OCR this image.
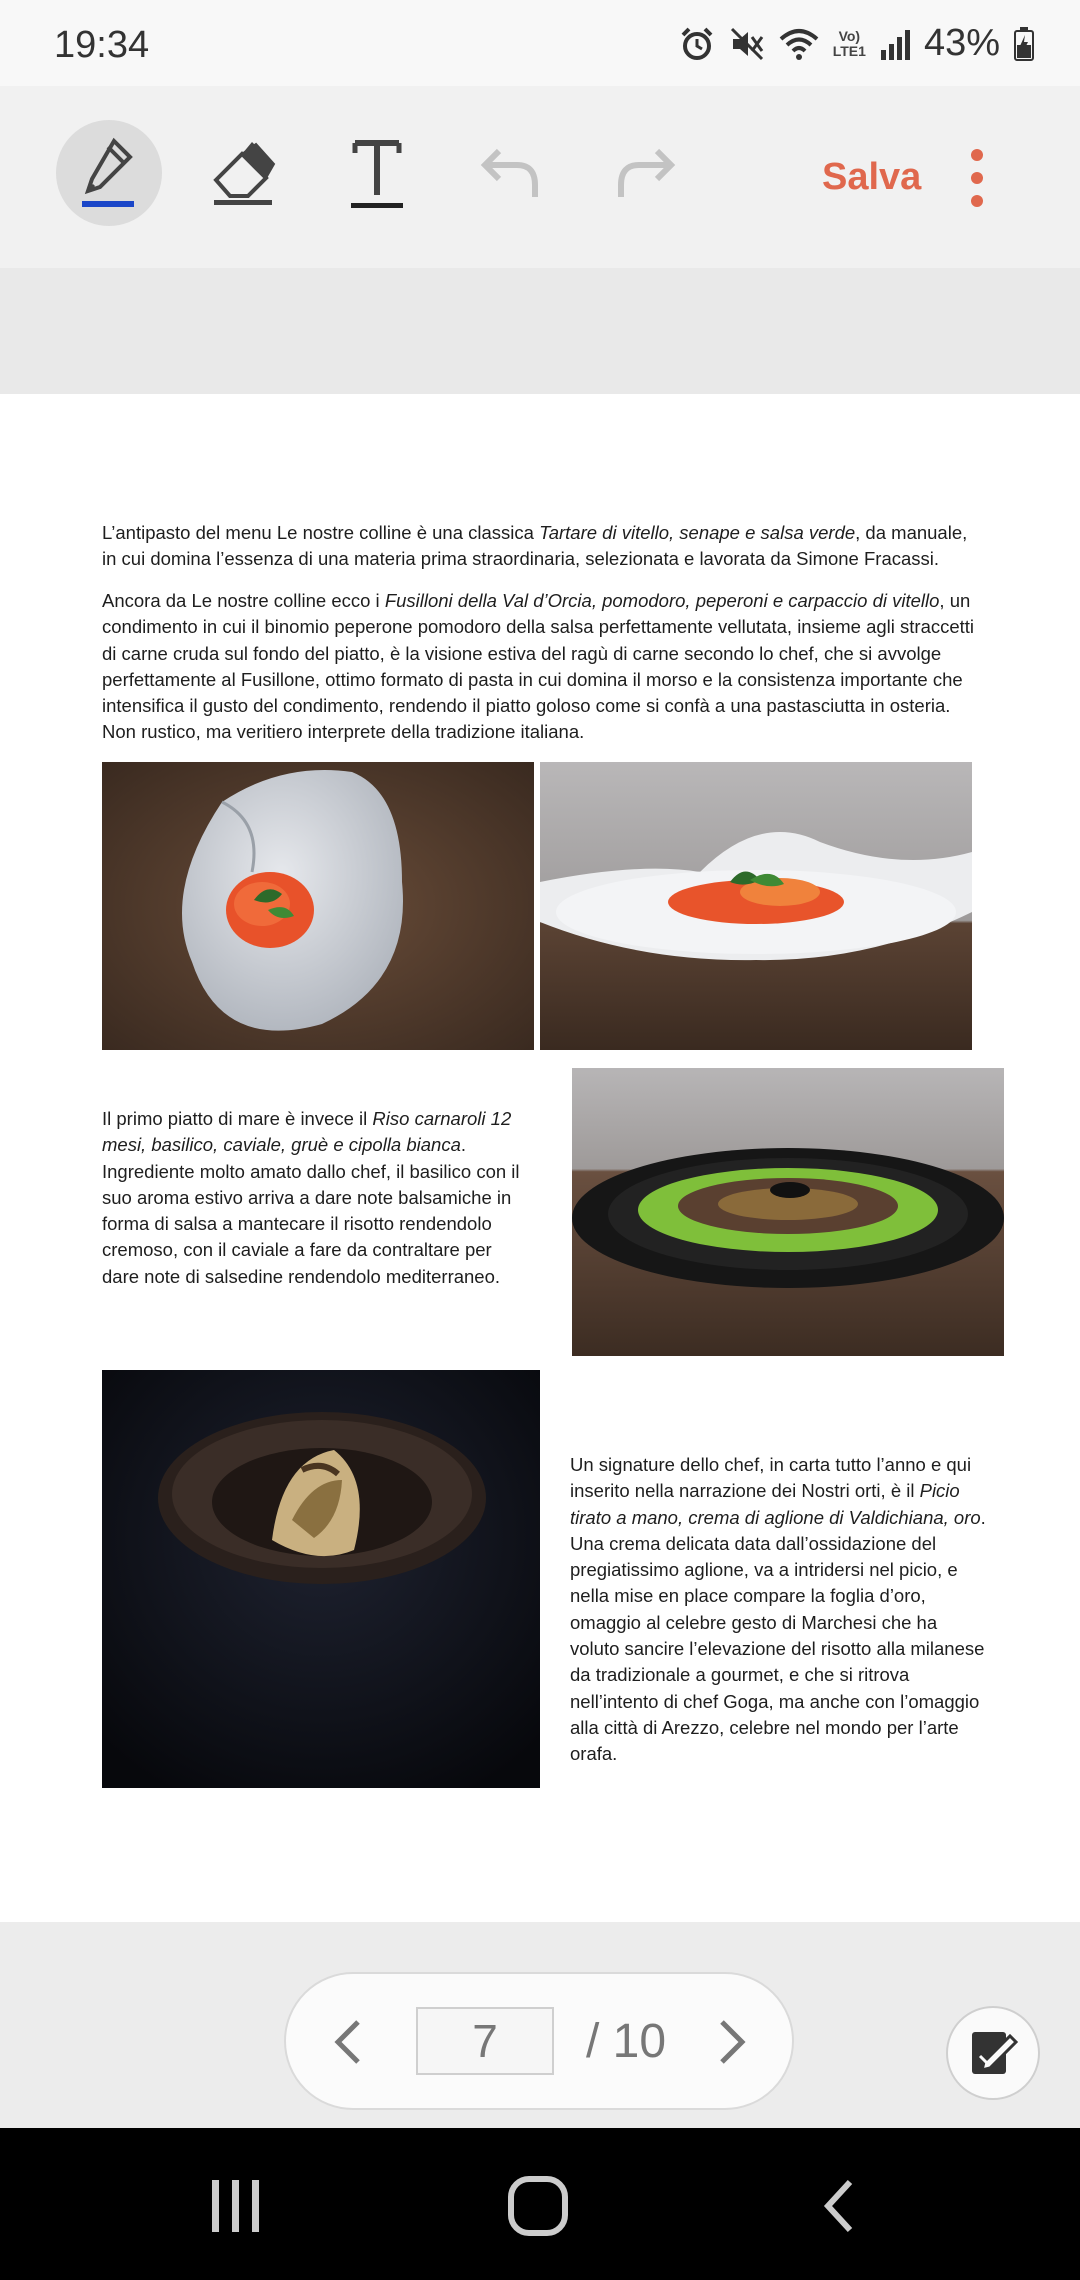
19:34	Vo)
LTE1 43%
Salva

L’antipasto del menu Le nostre colline è una classica Tartare di vitello, senape e salsa verde, da manuale, in cui domina l’essenza di una materia prima straordinaria, selezionata e lavorata da Simone Fracassi.

Ancora da Le nostre colline ecco i Fusilloni della Val d’Orcia, pomodoro, peperoni e carpaccio di vitello, un condimento in cui il binomio peperone pomodoro della salsa perfettamente vellutata, insieme agli straccetti di carne cruda sul fondo del piatto, è la visione estiva del ragù di carne secondo lo chef, che si avvolge perfettamente al Fusillone, ottimo formato di pasta in cui domina il morso e la consistenza importante che intensifica il gusto del condimento, rendendo il piatto goloso come si confà a una pastasciutta in osteria. Non rustico, ma veritiero interprete della tradizione italiana.

Il primo piatto di mare è invece il Riso carnaroli 12 mesi, basilico, caviale, gruè e cipolla bianca. Ingrediente molto amato dallo chef, il basilico con il suo aroma estivo arriva a dare note balsamiche in forma di salsa a mantecare il risotto rendendolo cremoso, con il caviale a fare da contraltare per dare note di salsedine rendendolo mediterraneo.

Un signature dello chef, in carta tutto l’anno e qui inserito nella narrazione dei Nostri orti, è il Picio tirato a mano, crema di aglione di Valdichiana, oro. Una crema delicata data dall’ossidazione del pregiatissimo aglione, va a intridersi nel picio, e nella mise en place compare la foglia d’oro, omaggio al celebre gesto di Marchesi che ha voluto sancire l’elevazione del risotto alla milanese da tradizionale a gourmet, e che si ritrova nell’intento di chef Goga, ma anche con l’omaggio alla città di Arezzo, celebre nel mondo per l’arte orafa.

7	/ 10
